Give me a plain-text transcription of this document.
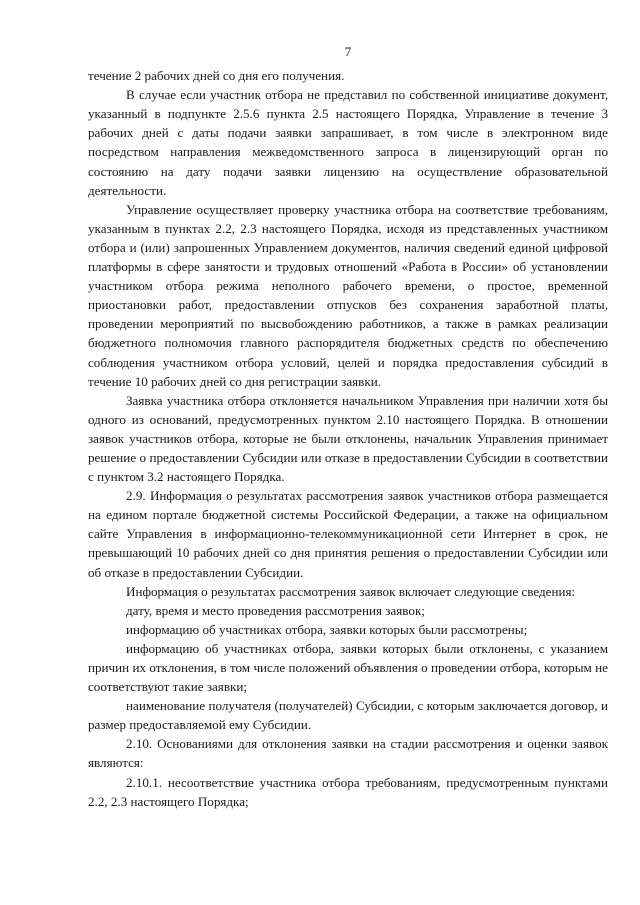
7

течение 2 рабочих дней со дня его получения.

В случае если участник отбора не представил по собственной инициативе документ, указанный в подпункте 2.5.6 пункта 2.5 настоящего Порядка, Управление в течение 3 рабочих дней с даты подачи заявки запрашивает, в том числе в электронном виде посредством направления межведомственного запроса в лицензирующий орган по состоянию на дату подачи заявки лицензию на осуществление образовательной деятельности.

Управление осуществляет проверку участника отбора на соответствие требованиям, указанным в пунктах 2.2, 2.3 настоящего Порядка, исходя из представленных участником отбора и (или) запрошенных Управлением документов, наличия сведений единой цифровой платформы в сфере занятости и трудовых отношений «Работа в России» об установлении участником отбора режима неполного рабочего времени, о простое, временной приостановки работ, предоставлении отпусков без сохранения заработной платы, проведении мероприятий по высвобождению работников, а также в рамках реализации бюджетного полномочия главного распорядителя бюджетных средств по обеспечению соблюдения участником отбора условий, целей и порядка предоставления субсидий в течение 10 рабочих дней со дня регистрации заявки.

Заявка участника отбора отклоняется начальником Управления при наличии хотя бы одного из оснований, предусмотренных пунктом 2.10 настоящего Порядка. В отношении заявок участников отбора, которые не были отклонены, начальник Управления принимает решение о предоставлении Субсидии или отказе в предоставлении Субсидии в соответствии с пунктом 3.2 настоящего Порядка.

2.9. Информация о результатах рассмотрения заявок участников отбора размещается на едином портале бюджетной системы Российской Федерации, а также на официальном сайте Управления в информационно-телекоммуникационной сети Интернет в срок, не превышающий 10 рабочих дней со дня принятия решения о предоставлении Субсидии или об отказе в предоставлении Субсидии.

Информация о результатах рассмотрения заявок включает следующие сведения:

дату, время и место проведения рассмотрения заявок;

информацию об участниках отбора, заявки которых были рассмотрены;

информацию об участниках отбора, заявки которых были отклонены, с указанием причин их отклонения, в том числе положений объявления о проведении отбора, которым не соответствуют такие заявки;

наименование получателя (получателей) Субсидии, с которым заключается договор, и размер предоставляемой ему Субсидии.

2.10. Основаниями для отклонения заявки на стадии рассмотрения и оценки заявок являются:

2.10.1. несоответствие участника отбора требованиям, предусмотренным пунктами 2.2, 2.3 настоящего Порядка;
